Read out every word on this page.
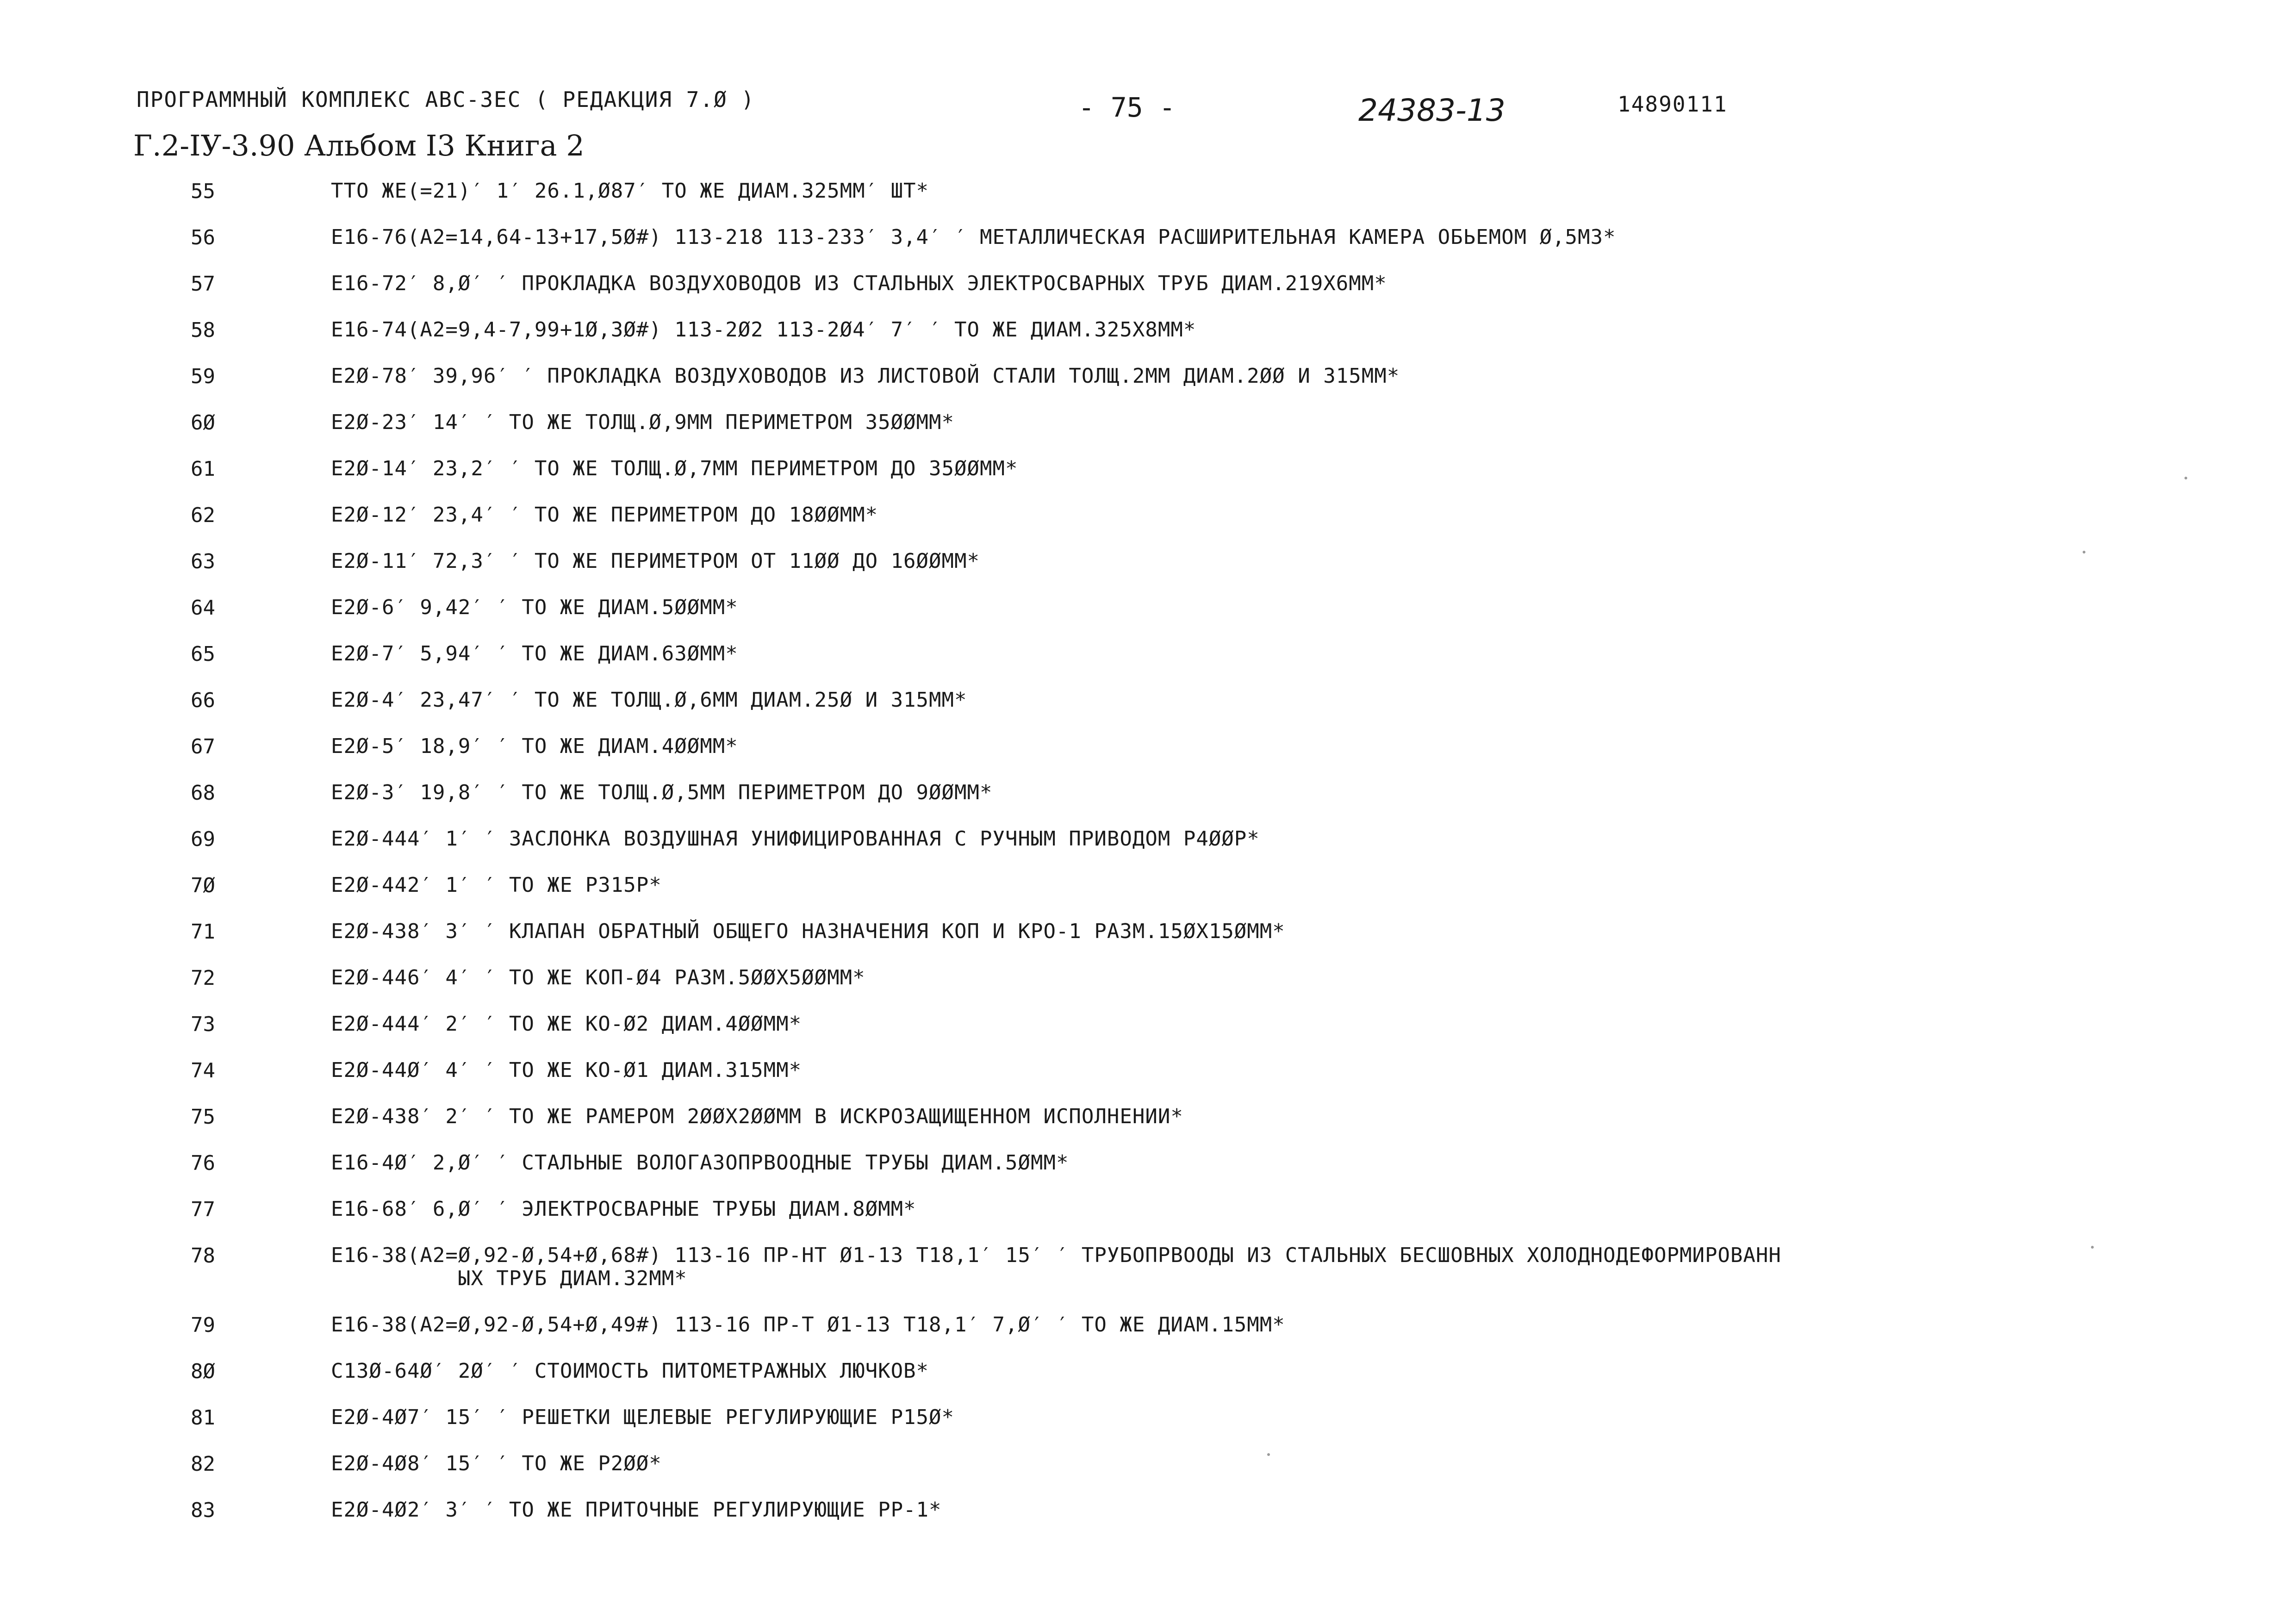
ПРОГРАММНЫЙ КОМПЛЕКС АВС-3ЕС ( РЕДАКЦИЯ 7.Ø )	- 75 -	24383-13	14890111
Г.2-IУ-3.90 Альбом I3 Книга 2
55	ТТО ЖЕ(=21)′ 1′ 26.1,Ø87′ ТО ЖЕ ДИАМ.325ММ′ ШТ*
56	Е16-76(А2=14,64-13+17,5Ø#) 113-218 113-233′ 3,4′ ′ МЕТАЛЛИЧЕСКАЯ РАСШИРИТЕЛЬНАЯ КАМЕРА ОБЬЕМОМ Ø,5М3*
57	Е16-72′ 8,Ø′ ′ ПРОКЛАДКА ВОЗДУХОВОДОВ ИЗ СТАЛЬНЫХ ЭЛЕКТРОСВАРНЫХ ТРУБ ДИАМ.219Х6ММ*
58	Е16-74(А2=9,4-7,99+1Ø,3Ø#) 113-2Ø2 113-2Ø4′ 7′ ′ ТО ЖЕ ДИАМ.325Х8ММ*
59	Е2Ø-78′ 39,96′ ′ ПРОКЛАДКА ВОЗДУХОВОДОВ ИЗ ЛИСТОВОЙ СТАЛИ ТОЛЩ.2ММ ДИАМ.2ØØ И 315ММ*
6Ø	Е2Ø-23′ 14′ ′ ТО ЖЕ ТОЛЩ.Ø,9ММ ПЕРИМЕТРОМ 35ØØММ*
61	Е2Ø-14′ 23,2′ ′ ТО ЖЕ ТОЛЩ.Ø,7ММ ПЕРИМЕТРОМ ДО 35ØØММ*
62	Е2Ø-12′ 23,4′ ′ ТО ЖЕ ПЕРИМЕТРОМ ДО 18ØØММ*
63	Е2Ø-11′ 72,3′ ′ ТО ЖЕ ПЕРИМЕТРОМ ОТ 11ØØ ДО 16ØØММ*
64	Е2Ø-6′ 9,42′ ′ ТО ЖЕ ДИАМ.5ØØММ*
65	Е2Ø-7′ 5,94′ ′ ТО ЖЕ ДИАМ.63ØММ*
66	Е2Ø-4′ 23,47′ ′ ТО ЖЕ ТОЛЩ.Ø,6ММ ДИАМ.25Ø И 315ММ*
67	Е2Ø-5′ 18,9′ ′ ТО ЖЕ ДИАМ.4ØØММ*
68	Е2Ø-3′ 19,8′ ′ ТО ЖЕ ТОЛЩ.Ø,5ММ ПЕРИМЕТРОМ ДО 9ØØММ*
69	Е2Ø-444′ 1′ ′ ЗАСЛОНКА ВОЗДУШНАЯ УНИФИЦИРОВАННАЯ С РУЧНЫМ ПРИВОДОМ Р4ØØР*
7Ø	Е2Ø-442′ 1′ ′ ТО ЖЕ Р315Р*
71	Е2Ø-438′ 3′ ′ КЛАПАН ОБРАТНЫЙ ОБЩЕГО НАЗНАЧЕНИЯ КОП И КРО-1 РАЗМ.15ØХ15ØММ*
72	Е2Ø-446′ 4′ ′ ТО ЖЕ КОП-Ø4 РАЗМ.5ØØХ5ØØММ*
73	Е2Ø-444′ 2′ ′ ТО ЖЕ КО-Ø2 ДИАМ.4ØØММ*
74	Е2Ø-44Ø′ 4′ ′ ТО ЖЕ КО-Ø1 ДИАМ.315ММ*
75	Е2Ø-438′ 2′ ′ ТО ЖЕ РАМЕРОМ 2ØØХ2ØØММ В ИСКРОЗАЩИЩЕННОМ ИСПОЛНЕНИИ*
76	Е16-4Ø′ 2,Ø′ ′ СТАЛЬНЫЕ ВОЛОГАЗОПРВООДНЫЕ ТРУБЫ ДИАМ.5ØММ*
77	Е16-68′ 6,Ø′ ′ ЭЛЕКТРОСВАРНЫЕ ТРУБЫ ДИАМ.8ØММ*
78	Е16-38(А2=Ø,92-Ø,54+Ø,68#) 113-16 ПР-НТ Ø1-13 Т18,1′ 15′ ′ ТРУБОПРВООДЫ ИЗ СТАЛЬНЫХ БЕСШОВНЫХ ХОЛОДНОДЕФОРМИРОВАНН
ЫХ ТРУБ ДИАМ.32ММ*
79	Е16-38(А2=Ø,92-Ø,54+Ø,49#) 113-16 ПР-Т Ø1-13 Т18,1′ 7,Ø′ ′ ТО ЖЕ ДИАМ.15ММ*
8Ø	С13Ø-64Ø′ 2Ø′ ′ СТОИМОСТЬ ПИТОМЕТРАЖНЫХ ЛЮЧКОВ*
81	Е2Ø-4Ø7′ 15′ ′ РЕШЕТКИ ЩЕЛЕВЫЕ РЕГУЛИРУЮЩИЕ Р15Ø*
82	Е2Ø-4Ø8′ 15′ ′ ТО ЖЕ Р2ØØ*
83	Е2Ø-4Ø2′ 3′ ′ ТО ЖЕ ПРИТОЧНЫЕ РЕГУЛИРУЮЩИЕ РР-1*
